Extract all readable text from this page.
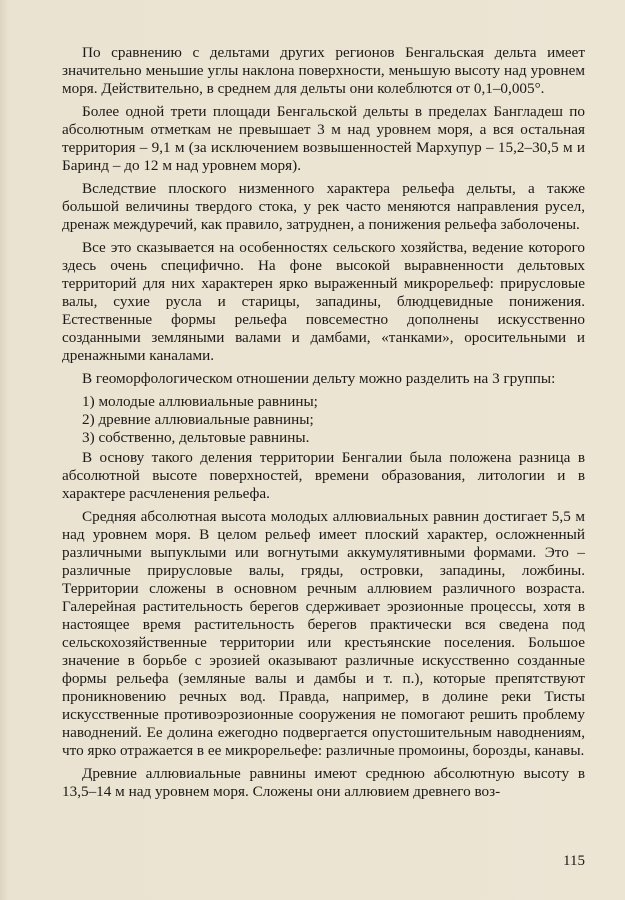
По сравнению с дельтами других регионов Бенгальская дельта имеет значительно меньшие углы наклона поверхности, меньшую высоту над уровнем моря. Действительно, в среднем для дельты они колеблются от 0,1–0,005°.

Более одной трети площади Бенгальской дельты в пределах Бангладеш по абсолютным отметкам не превышает 3 м над уровнем моря, а вся остальная территория – 9,1 м (за исключением возвышенностей Мархупур – 15,2–30,5 м и Баринд – до 12 м над уровнем моря).

Вследствие плоского низменного характера рельефа дельты, а также большой величины твердого стока, у рек часто меняются направления русел, дренаж междуречий, как правило, затруднен, а понижения рельефа заболочены.

Все это сказывается на особенностях сельского хозяйства, ведение которого здесь очень специфично. На фоне высокой выравненности дельтовых территорий для них характерен ярко выраженный микрорельеф: прирусловые валы, сухие русла и старицы, западины, блюдцевидные понижения. Естественные формы рельефа повсеместно дополнены искусственно созданными земляными валами и дамбами, «танками», оросительными и дренажными каналами.

В геоморфологическом отношении дельту можно разделить на 3 группы:

1) молодые аллювиальные равнины;
2) древние аллювиальные равнины;
3) собственно, дельтовые равнины.

В основу такого деления территории Бенгалии была положена разница в абсолютной высоте поверхностей, времени образования, литологии и в характере расчленения рельефа.

Средняя абсолютная высота молодых аллювиальных равнин достигает 5,5 м над уровнем моря. В целом рельеф имеет плоский характер, осложненный различными выпуклыми или вогнутыми аккумулятивными формами. Это – различные прирусловые валы, гряды, островки, западины, ложбины. Территории сложены в основном речным аллювием различного возраста. Галерейная растительность берегов сдерживает эрозионные процессы, хотя в настоящее время растительность берегов практически вся сведена под сельскохозяйственные территории или крестьянские поселения. Большое значение в борьбе с эрозией оказывают различные искусственно созданные формы рельефа (земляные валы и дамбы и т. п.), которые препятствуют проникновению речных вод. Правда, например, в долине реки Тисты искусственные противоэрозионные сооружения не помогают решить проблему наводнений. Ее долина ежегодно подвергается опустошительным наводнениям, что ярко отражается в ее микрорельефе: различные промоины, борозды, канавы.

Древние аллювиальные равнины имеют среднюю абсолютную высоту в 13,5–14 м над уровнем моря. Сложены они аллювием древнего воз-

115
